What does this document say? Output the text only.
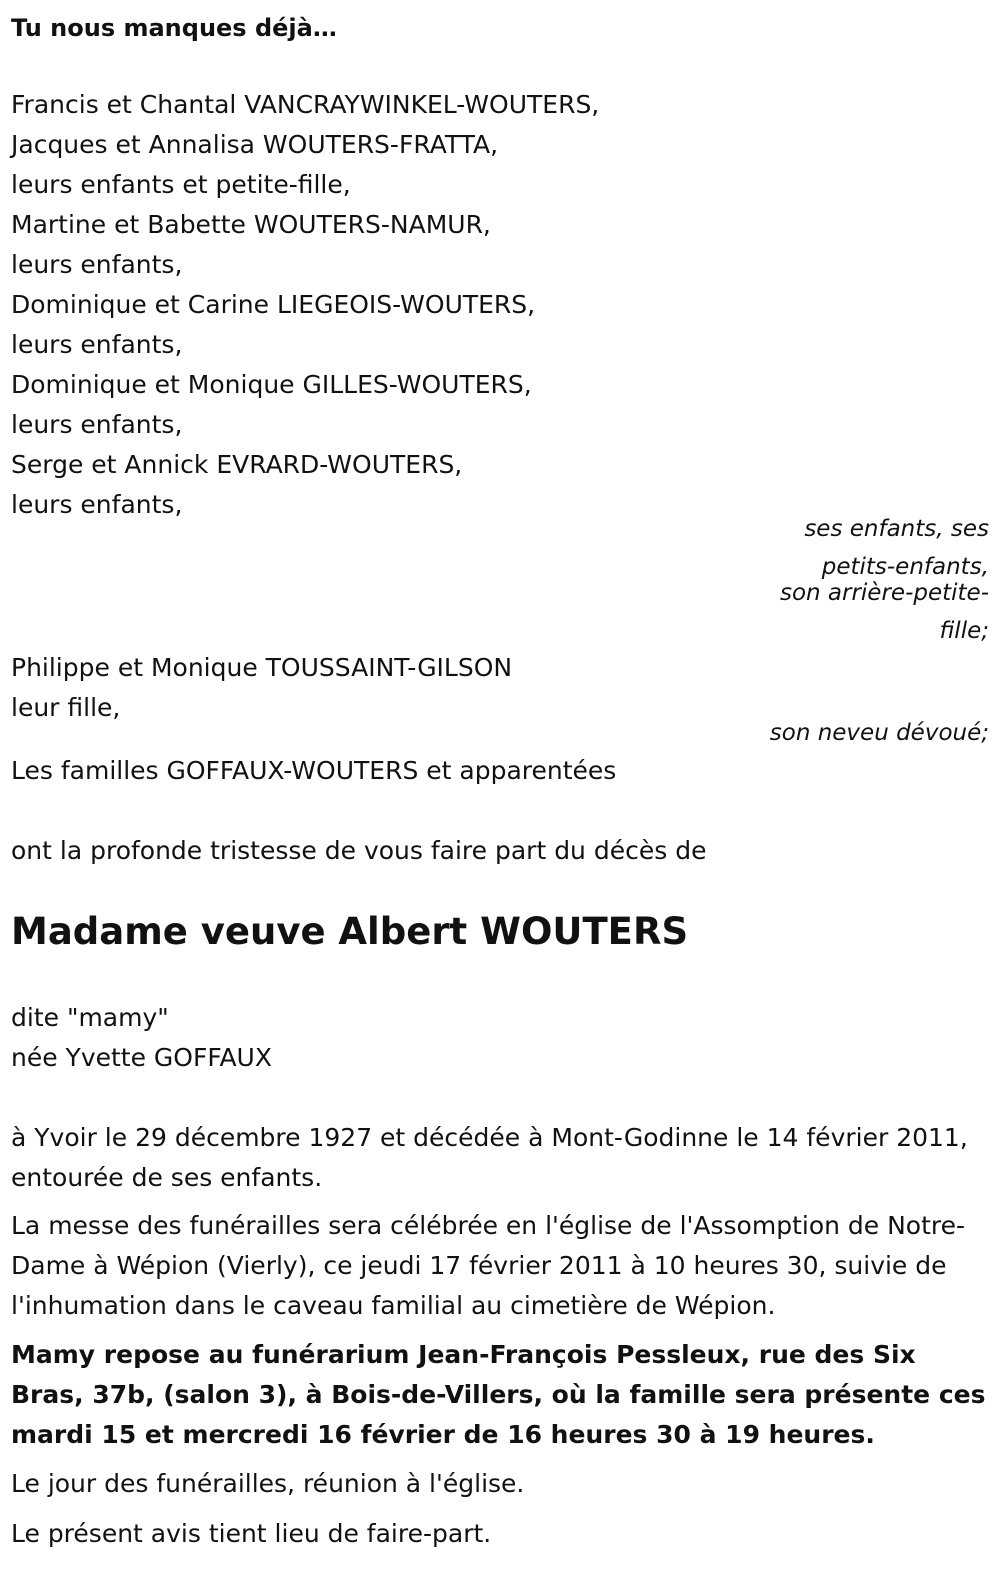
Tu nous manques déjà…
Francis et Chantal VANCRAYWINKEL-WOUTERS,
Jacques et Annalisa WOUTERS-FRATTA,
leurs enfants et petite-fille,
Martine et Babette WOUTERS-NAMUR,
leurs enfants,
Dominique et Carine LIEGEOIS-WOUTERS,
leurs enfants,
Dominique et Monique GILLES-WOUTERS,
leurs enfants,
Serge et Annick EVRARD-WOUTERS,
leurs enfants,
ses enfants, ses petits-enfants,
son arrière-petite-fille;
Philippe et Monique TOUSSAINT-GILSON
leur fille,
son neveu dévoué;
Les familles GOFFAUX-WOUTERS et apparentées
ont la profonde tristesse de vous faire part du décès de
Madame veuve Albert WOUTERS
dite "mamy"
née Yvette GOFFAUX
à Yvoir le 29 décembre 1927 et décédée à Mont-Godinne le 14 février 2011, entourée de ses enfants.
La messe des funérailles sera célébrée en l'église de l'Assomption de Notre-Dame à Wépion (Vierly), ce jeudi 17 février 2011 à 10 heures 30, suivie de l'inhumation dans le caveau familial au cimetière de Wépion.
Mamy repose au funérarium Jean-François Pessleux, rue des Six Bras, 37b, (salon 3), à Bois-de-Villers, où la famille sera présente ces mardi 15 et mercredi 16 février de 16 heures 30 à 19 heures.
Le jour des funérailles, réunion à l'église.
Le présent avis tient lieu de faire-part.
